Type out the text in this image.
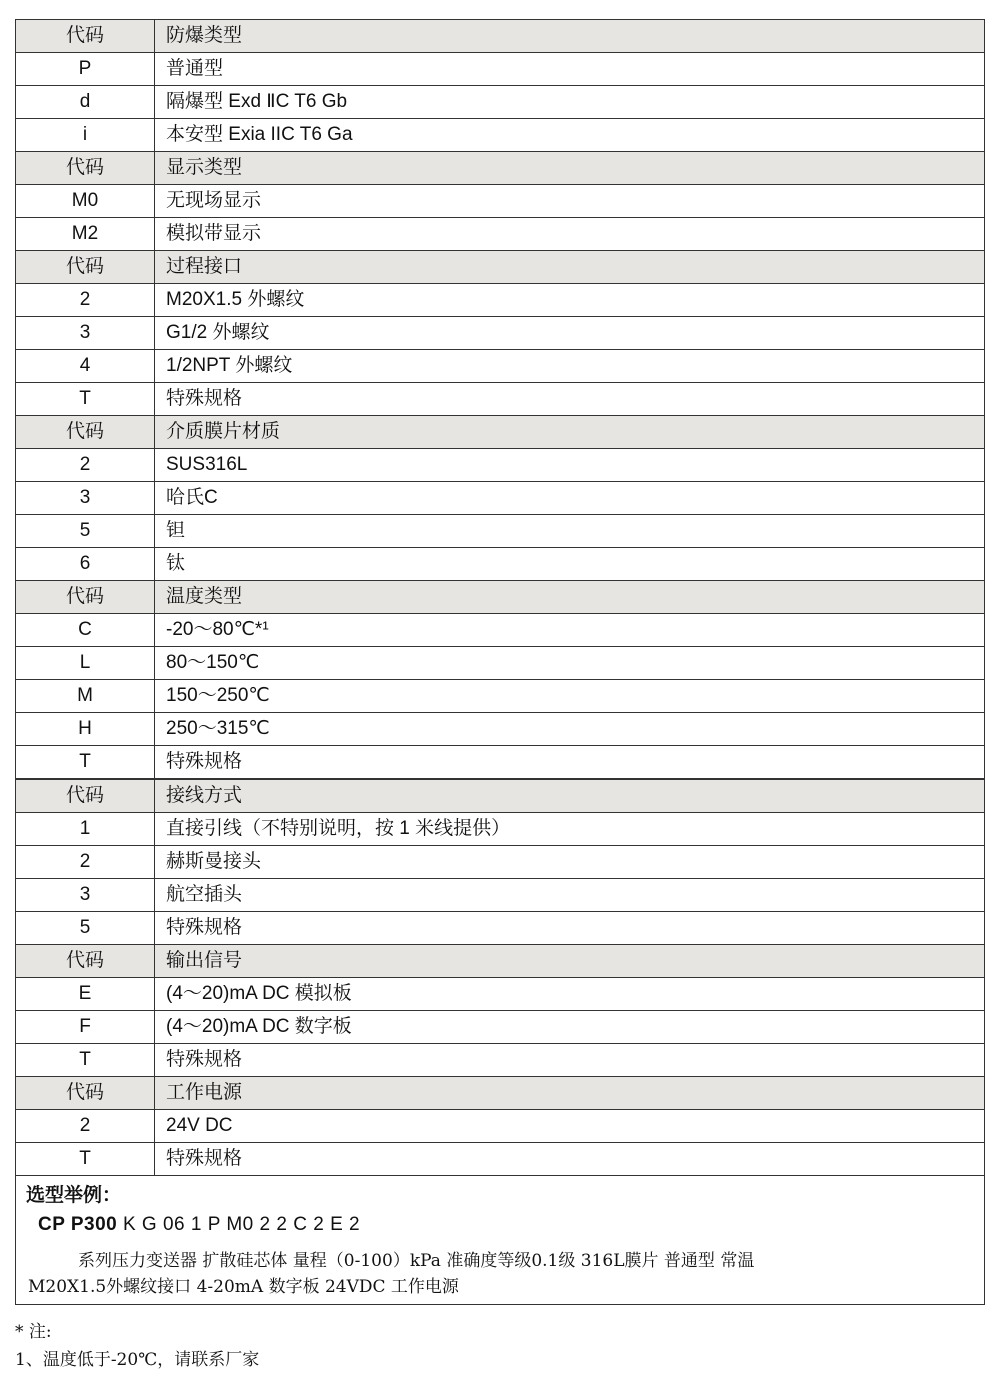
代码	防爆类型
P	普通型
d	隔爆型 Exd ⅡC T6 Gb
i	本安型 Exia IIC T6 Ga
代码	显示类型
M0	无现场显示
M2	模拟带显示
代码	过程接口
2	M20X1.5 外螺纹
3	G1/2 外螺纹
4	1/2NPT 外螺纹
T	特殊规格
代码	介质膜片材质
2	SUS316L
3	哈氏C
5	钽
6	钛
代码	温度类型
C	-20～80℃*¹
L	80～150℃
M	150～250℃
H	250～315℃
T	特殊规格
代码	接线方式
1	直接引线（不特别说明，按 1 米线提供）
2	赫斯曼接头
3	航空插头
5	特殊规格
代码	输出信号
E	(4～20)mA DC 模拟板
F	(4～20)mA DC 数字板
T	特殊规格
代码	工作电源
2	24V DC
T	特殊规格
选型举例：
CP P300 K G 06 1 P M0 2 2 C 2 E 2
系列压力变送器 扩散硅芯体 量程（0-100）kPa 准确度等级0.1级 316L膜片 普通型 常温
M20X1.5外螺纹接口 4-20mA 数字板 24VDC 工作电源
* 注:
1、温度低于-20℃，请联系厂家
